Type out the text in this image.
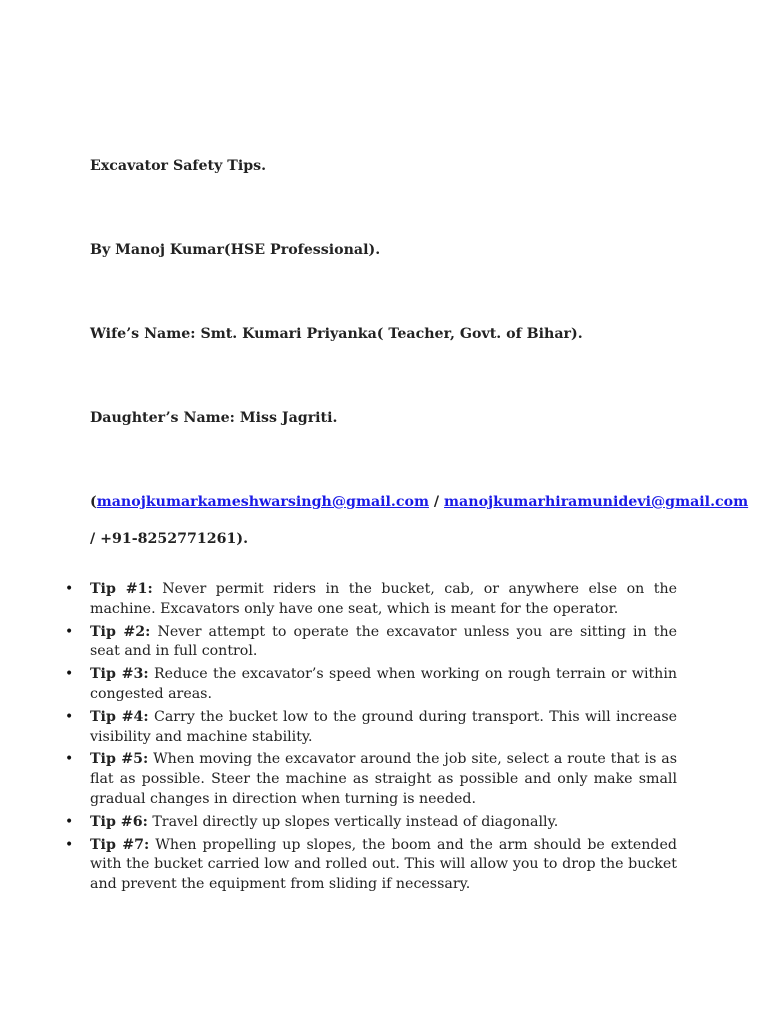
Excavator Safety Tips.
By Manoj Kumar(HSE Professional).
Wife’s Name: Smt. Kumari Priyanka( Teacher, Govt. of Bihar).
Daughter’s Name: Miss Jagriti.
( manojkumarkameshwarsingh@gmail.com / manojkumarhiramunidevi@gmail.com
/ +91-8252771261).
• Tip #1: Never permit riders in the bucket, cab, or anywhere else on the machine. Excavators only have one seat, which is meant for the operator.
• Tip #2: Never attempt to operate the excavator unless you are sitting in the seat and in full control.
• Tip #3: Reduce the excavator’s speed when working on rough terrain or within congested areas.
• Tip #4: Carry the bucket low to the ground during transport. This will increase visibility and machine stability.
• Tip #5: When moving the excavator around the job site, select a route that is as flat as possible. Steer the machine as straight as possible and only make small gradual changes in direction when turning is needed.
• Tip #6: Travel directly up slopes vertically instead of diagonally.
• Tip #7: When propelling up slopes, the boom and the arm should be extended with the bucket carried low and rolled out. This will allow you to drop the bucket and prevent the equipment from sliding if necessary.
